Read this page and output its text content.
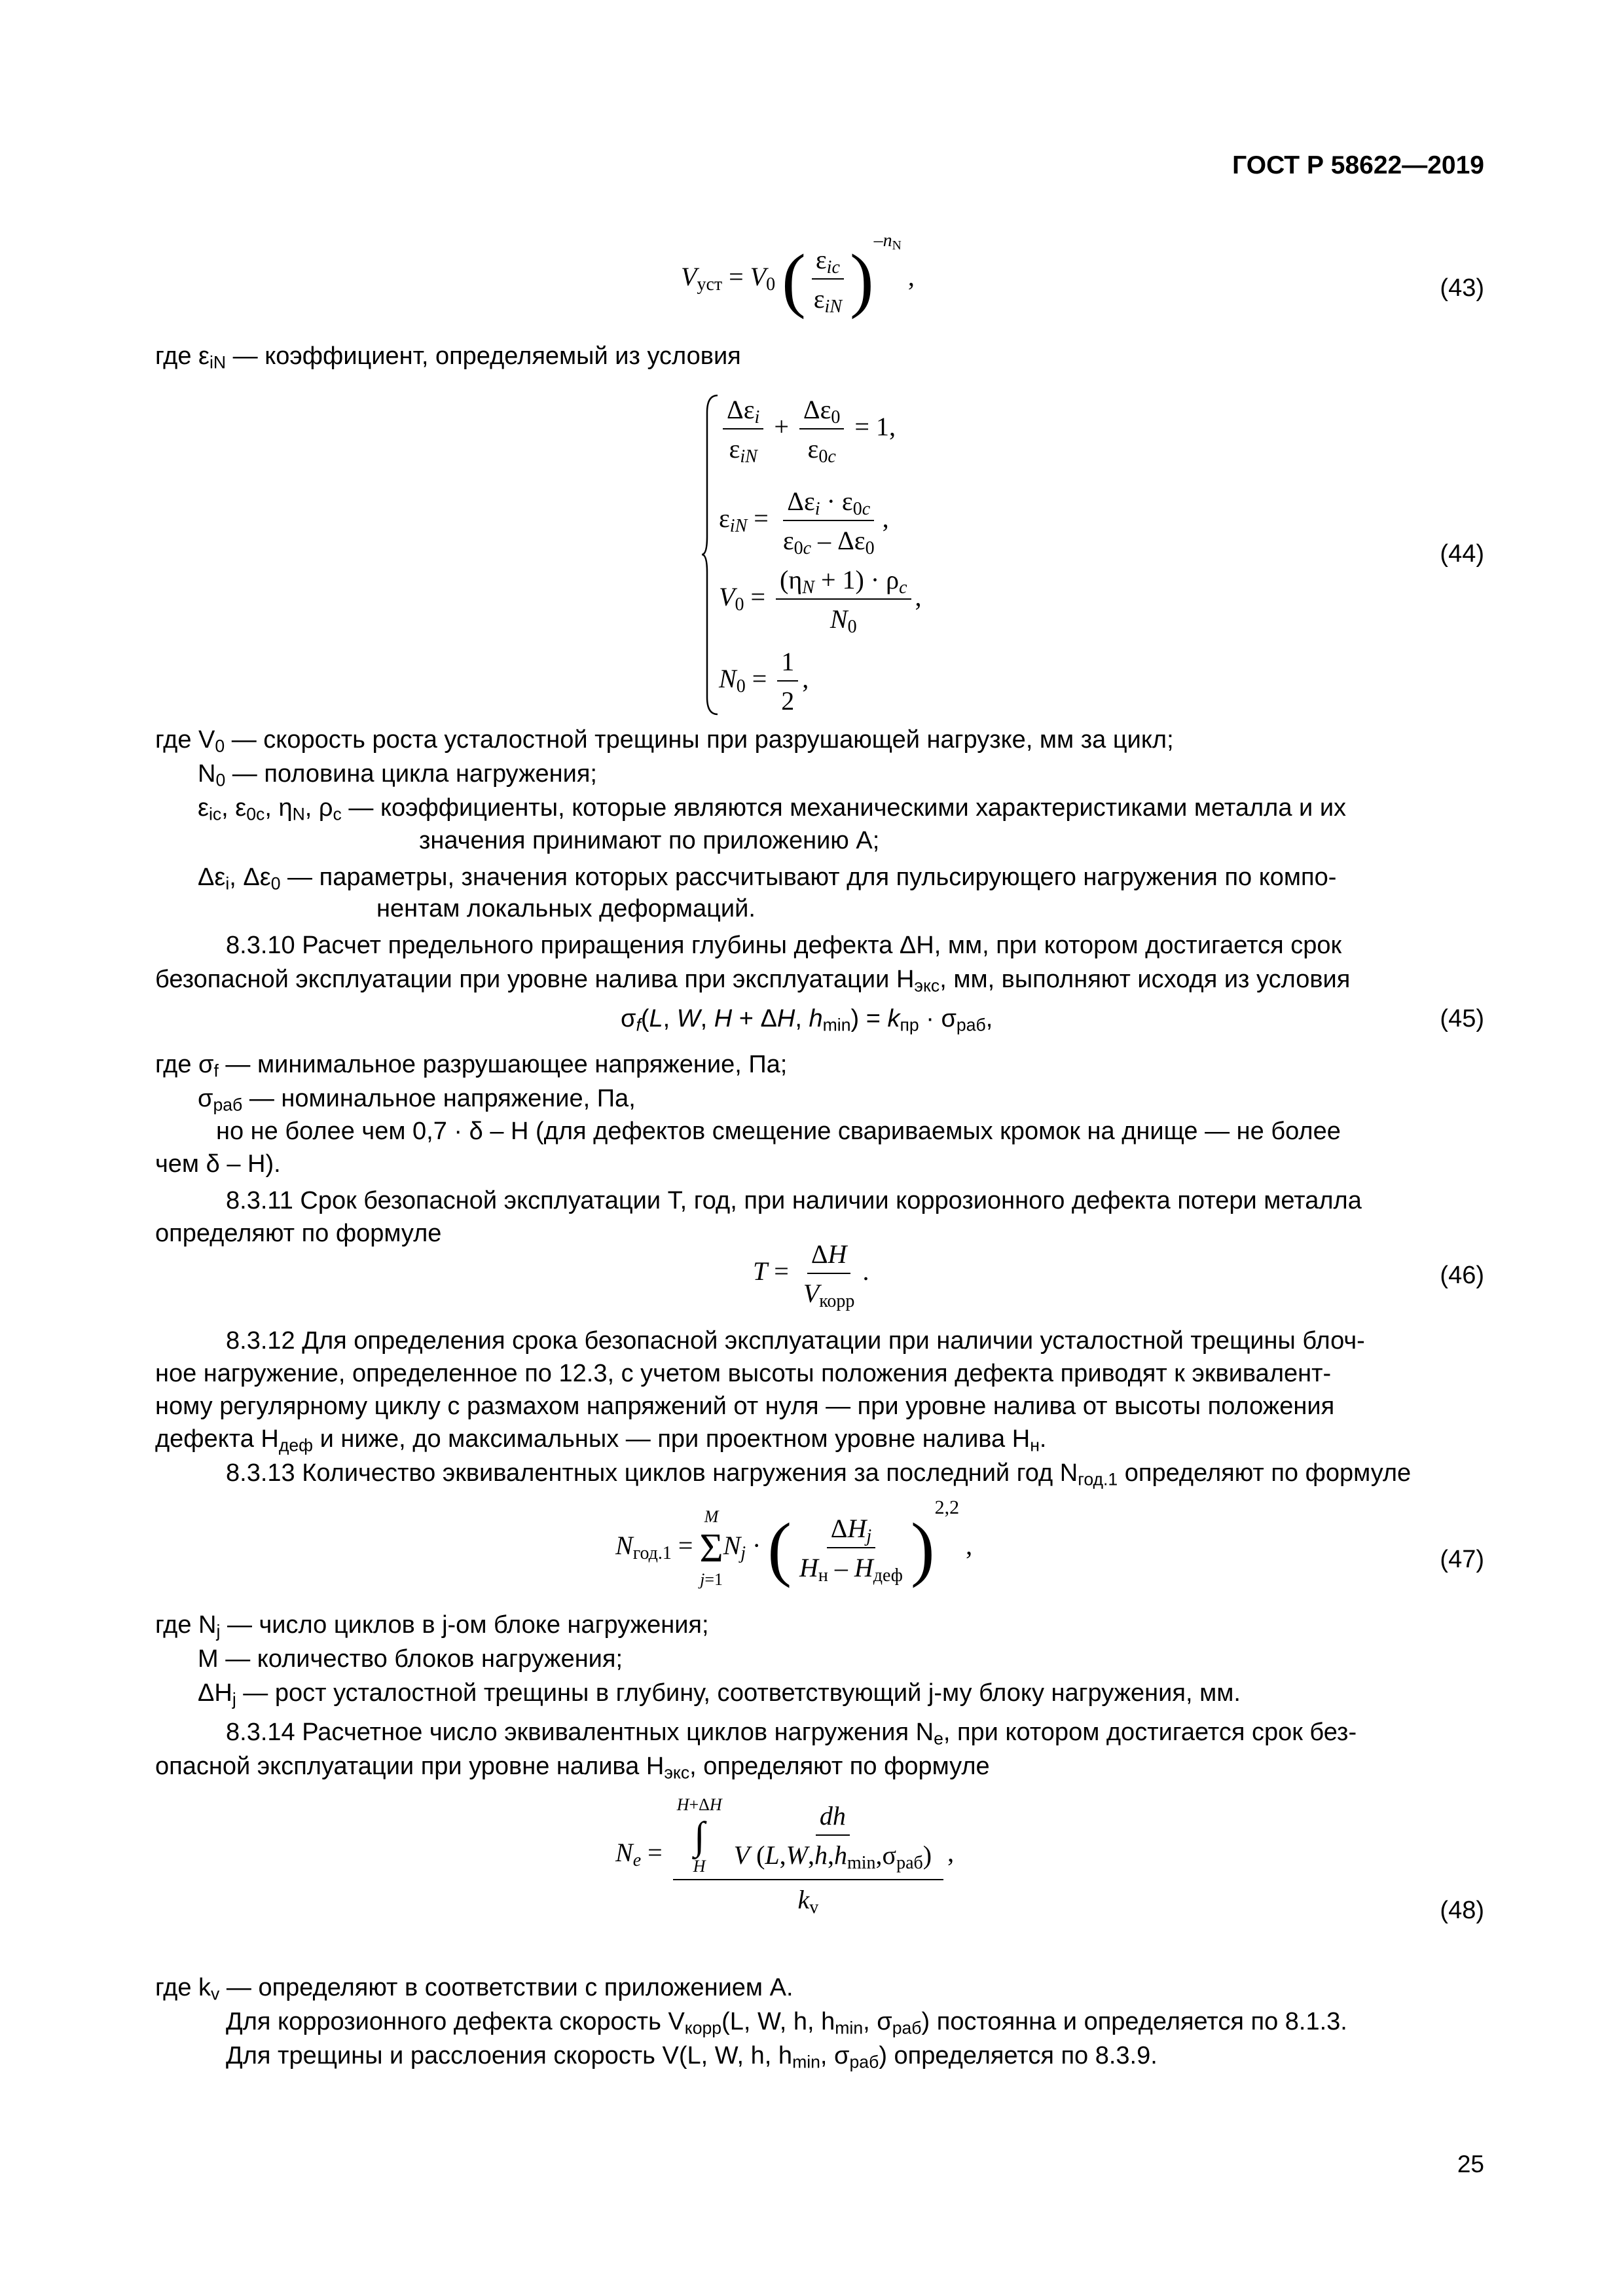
ГОСТ Р 58622—2019
$V_{уст} = V_0$ ( $\frac{\varepsilon_{ic}}{\varepsilon_{iN}} )^{-n_N}$ ,	(43)
где $\varepsilon_{iN}$ — коэффициент, определяемый из условия
$\frac{\Delta\varepsilon_i}{\varepsilon_{iN}} + \frac{\Delta\varepsilon_0}{\varepsilon_{0c}} = 1$,
$\varepsilon_{iN} = \frac{\Delta\varepsilon_i \cdot \varepsilon_{0c}}{\varepsilon_{0c} - \Delta\varepsilon_0}$ ,
$V_0 = \frac{(\eta_N + 1) \cdot \rho_c}{N_0}$ ,
$N_0 = \frac{1}{2}$ ,
(44)
где $V_0$ — скорость роста усталостной трещины при разрушающей нагрузке, мм за цикл;
$N_0$ — половина цикла нагружения;
$\varepsilon_{ic}$, $\varepsilon_{0c}$, $\eta_N$, $\rho_c$ — коэффициенты, которые являются механическими характеристиками металла и их
значения принимают по приложению А;
$\Delta\varepsilon_i$, $\Delta\varepsilon_0$ — параметры, значения которых рассчитывают для пульсирующего нагружения по компо-
нентам локальных деформаций.
8.3.10 Расчет предельного приращения глубины дефекта ΔH, мм, при котором достигается срок
безопасной эксплуатации при уровне налива при эксплуатации $H_{экс}$, мм, выполняют исходя из условия
$\sigma_f(L$, W, H + ΔH, $h_{min}) = k_{пр} \cdot \sigma_{раб}$,	(45)
где $\sigma_f$ — минимальное разрушающее напряжение, Па;
$\sigma_{раб}$ — номинальное напряжение, Па,
но не более чем 0,7 · δ – H (для дефектов смещение свариваемых кромок на днище — не более
чем δ – H).
8.3.11 Срок безопасной эксплуатации T, год, при наличии коррозионного дефекта потери металла
определяют по формуле
$T = \frac{\Delta H}{V_{корр}}$ .	(46)
8.3.12 Для определения срока безопасной эксплуатации при наличии усталостной трещины блоч-
ное нагружение, определенное по 12.3, с учетом высоты положения дефекта приводят к эквивалент-
ному регулярному циклу с размахом напряжений от нуля — при уровне налива от высоты положения
дефекта $H_{деф}$ и ниже, до максимальных — при проектном уровне налива $H_н$.
8.3.13 Количество эквивалентных циклов нагружения за последний год $N_{год.1}$ определяют по формуле
$N_{год.1}$ =
M
Σ
j=1
$N_j$ · ( $\frac{\Delta H_j}{H_н - H_{деф}} )^{2,2}$ ,	(47)
где $N_j$ — число циклов в j-ом блоке нагружения;
M — количество блоков нагружения;
$\Delta H_j$ — рост усталостной трещины в глубину, соответствующий j-му блоку нагружения, мм.
8.3.14 Расчетное число эквивалентных циклов нагружения $N_e$, при котором достигается срок без-
опасной эксплуатации при уровне налива $H_{экс}$, определяют по формуле
$N_e = H+\Delta H$
∫
H $\frac{dh}{V (L,W,h,h_{min},\sigma_{раб})}$
$k_v$ ,
(48)
где $k_v$ — определяют в соответствии с приложением А.
Для коррозионного дефекта скорость $V_{корр}(L$, W, h, $h_{min}$, $\sigma_{раб}$) постоянна и определяется по 8.1.3.
Для трещины и расслоения скорость V(L, W, h, $h_{min}$, $\sigma_{раб}$) определяется по 8.3.9.
25
